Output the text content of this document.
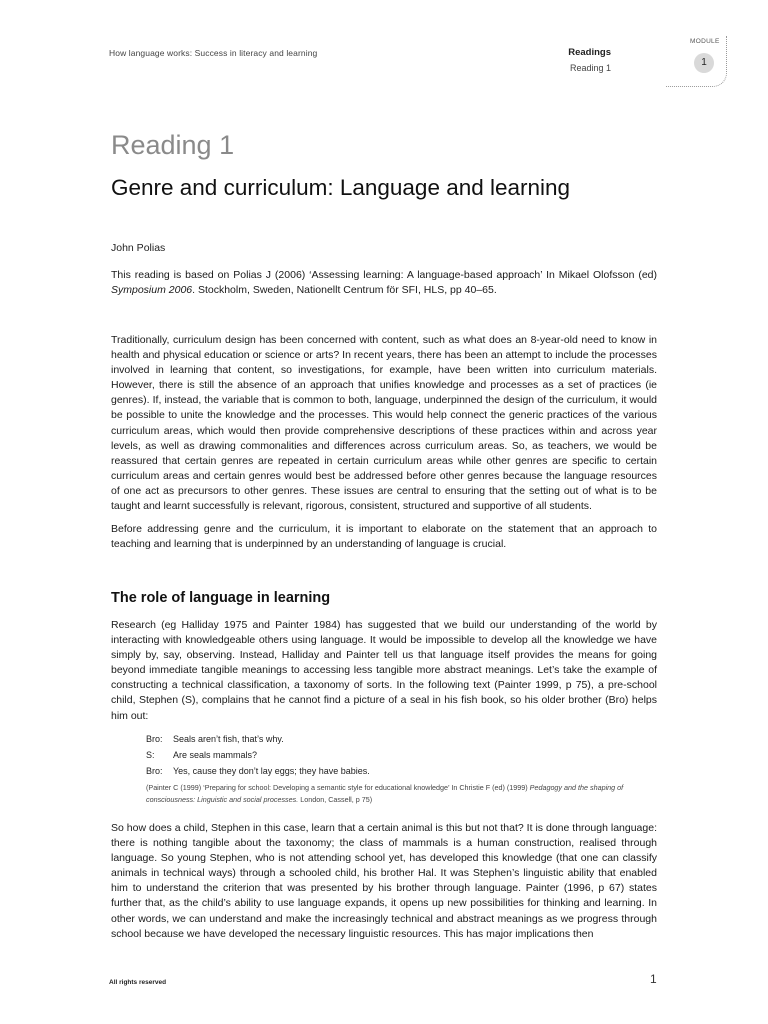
How language works: Success in literacy and learning
MODULE
Readings
Reading 1	1
Reading 1
Genre and curriculum: Language and learning
John Polias

This reading is based on Polias J (2006) ‘Assessing learning: A language-based approach’ In Mikael Olofsson (ed) Symposium 2006. Stockholm, Sweden, Nationellt Centrum för SFI, HLS, pp 40–65.

Traditionally, curriculum design has been concerned with content, such as what does an 8-year-old need to know in health and physical education or science or arts? In recent years, there has been an attempt to include the processes involved in learning that content, so investigations, for example, have been written into curriculum materials. However, there is still the absence of an approach that unifies knowledge and processes as a set of practices (ie genres). If, instead, the variable that is common to both, language, underpinned the design of the curriculum, it would be possible to unite the knowledge and the processes. This would help connect the generic practices of the various curriculum areas, which would then provide comprehensive descriptions of these practices within and across year levels, as well as drawing commonalities and differences across curriculum areas. So, as teachers, we would be reassured that certain genres are repeated in certain curriculum areas while other genres are specific to certain curriculum areas and certain genres would best be addressed before other genres because the language resources of one act as precursors to other genres. These issues are central to ensuring that the setting out of what is to be taught and learnt successfully is relevant, rigorous, consistent, structured and supportive of all students.

Before addressing genre and the curriculum, it is important to elaborate on the statement that an approach to teaching and learning that is underpinned by an understanding of language is crucial.

The role of language in learning

Research (eg Halliday 1975 and Painter 1984) has suggested that we build our understanding of the world by interacting with knowledgeable others using language. It would be impossible to develop all the knowledge we have simply by, say, observing. Instead, Halliday and Painter tell us that language itself provides the means for going beyond immediate tangible meanings to accessing less tangible more abstract meanings. Let’s take the example of constructing a technical classification, a taxonomy of sorts. In the following text (Painter 1999, p 75), a pre-school child, Stephen (S), complains that he cannot find a picture of a seal in his fish book, so his older brother (Bro) helps him out:

Bro:	Seals aren’t fish, that’s why.
S:	Are seals mammals?
Bro:	Yes, cause they don’t lay eggs; they have babies.

(Painter C (1999) ‘Preparing for school: Developing a semantic style for educational knowledge’ In Christie F (ed) (1999) Pedagogy and the shaping of consciousness: Linguistic and social processes. London, Cassell, p 75)

So how does a child, Stephen in this case, learn that a certain animal is this but not that? It is done through language: there is nothing tangible about the taxonomy; the class of mammals is a human construction, realised through language. So young Stephen, who is not attending school yet, has developed this knowledge (that one can classify animals in technical ways) through a schooled child, his brother Hal. It was Stephen’s linguistic ability that enabled him to understand the criterion that was presented by his brother through language. Painter (1996, p 67) states further that, as the child’s ability to use language expands, it opens up new possibilities for thinking and learning. In other words, we can understand and make the increasingly technical and abstract meanings as we progress through school because we have developed the necessary linguistic resources. This has major implications then

All rights reserved	1
